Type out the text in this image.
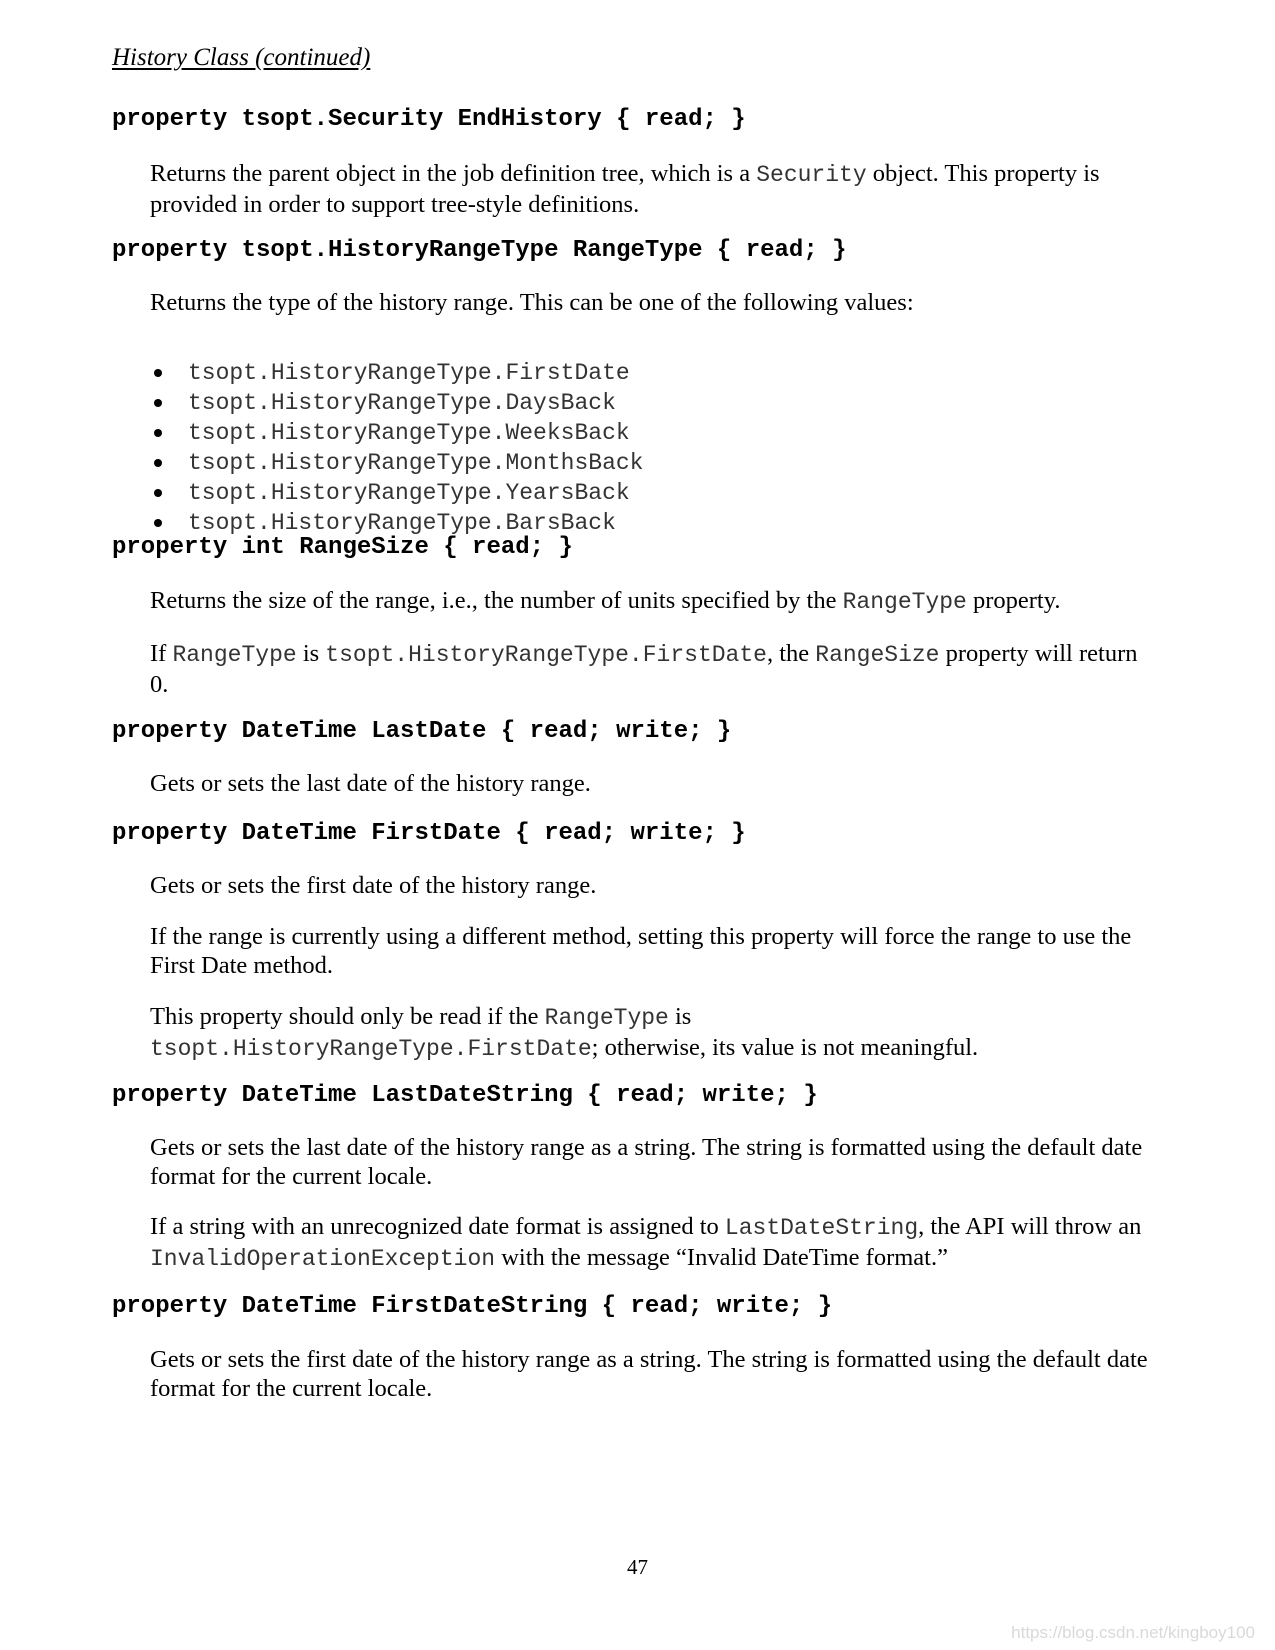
History Class (continued)
property tsopt.Security EndHistory { read; }
Returns the parent object in the job definition tree, which is a Security object. This property is provided in order to support tree-style definitions.
property tsopt.HistoryRangeType RangeType { read; }
Returns the type of the history range. This can be one of the following values:
tsopt.HistoryRangeType.FirstDate
tsopt.HistoryRangeType.DaysBack
tsopt.HistoryRangeType.WeeksBack
tsopt.HistoryRangeType.MonthsBack
tsopt.HistoryRangeType.YearsBack
tsopt.HistoryRangeType.BarsBack
property int RangeSize { read; }
Returns the size of the range, i.e., the number of units specified by the RangeType property.
If RangeType is tsopt.HistoryRangeType.FirstDate, the RangeSize property will return 0.
property DateTime LastDate { read; write; }
Gets or sets the last date of the history range.
property DateTime FirstDate { read; write; }
Gets or sets the first date of the history range.
If the range is currently using a different method, setting this property will force the range to use the First Date method.
This property should only be read if the RangeType is
tsopt.HistoryRangeType.FirstDate; otherwise, its value is not meaningful.
property DateTime LastDateString { read; write; }
Gets or sets the last date of the history range as a string. The string is formatted using the default date format for the current locale.
If a string with an unrecognized date format is assigned to LastDateString, the API will throw an InvalidOperationException with the message “Invalid DateTime format.”
property DateTime FirstDateString { read; write; }
Gets or sets the first date of the history range as a string. The string is formatted using the default date format for the current locale.
47
https://blog.csdn.net/kingboy100
